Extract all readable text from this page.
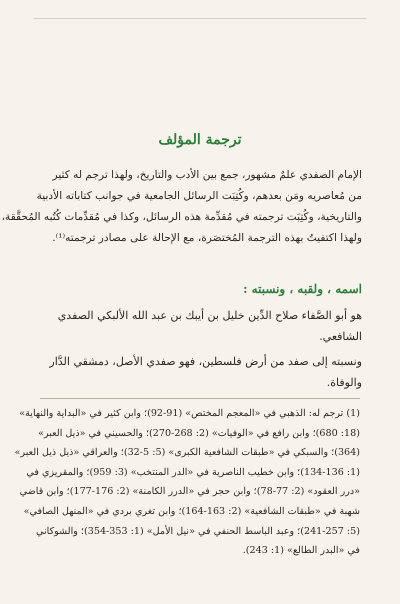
ترجمة المؤلف
الإمام الصفدي علمٌ مشهور، جمع بين الأدب والتاريخ، ولهذا ترجم له كثير
من مُعاصريه ومَن بعدهم، وكُتِبَت الرسائل الجامعية في جوانب كتاباته الأدبية
والتاريخية، وكُتِبَت ترجمته في مُقدِّمة هذه الرسائل، وكذا في مُقدِّمات كُتُبه المُحقَّقة،
ولهذا اكتفيتُ بهذه الترجمة المُختصَرة، مع الإحالة على مصادر ترجمته⁽¹⁾.
اسمه ، ولقبه ، ونسبته :
هو أبو الصَّفاء صلاح الدِّين خليل بن أيبك بن عبد الله الألبكي الصفدي
الشافعي.
ونسبته إلى صفد من أرض فلسطين، فهو صفدي الأصل، دمشقي الدَّار
والوفاة.
(1) ترجم له: الذهبي في «المعجم المختص» (91-92)؛ وابن كثير في «البداية والنهاية»
(18: 680)؛ وابن رافع في «الوفيات» (2: 268-270)؛ والحسيني في «ذيل العبر»
(364)؛ والسبكي في «طبقات الشافعية الكبرى» (5: 5-32)؛ والعراقي «ذيل ذيل العبر»
(1: 134-136)؛ وابن خطيب الناصرية في «الدر المنتخب» (3: 959)؛ والمقريزي في
«درر العقود» (2: 77-78)؛ وابن حجر في «الدرر الكامنة» (2: 176-177)؛ وابن قاضي
شهبة في «طبقات الشافعية» (2: 163-164)؛ وابن تغري بردي في «المنهل الصافي»
(5: 241-257)؛ وعبد الباسط الحنفي في «نيل الأمل» (1: 353-354)؛ والشوكاني
في «البدر الطالع» (1: 243).
